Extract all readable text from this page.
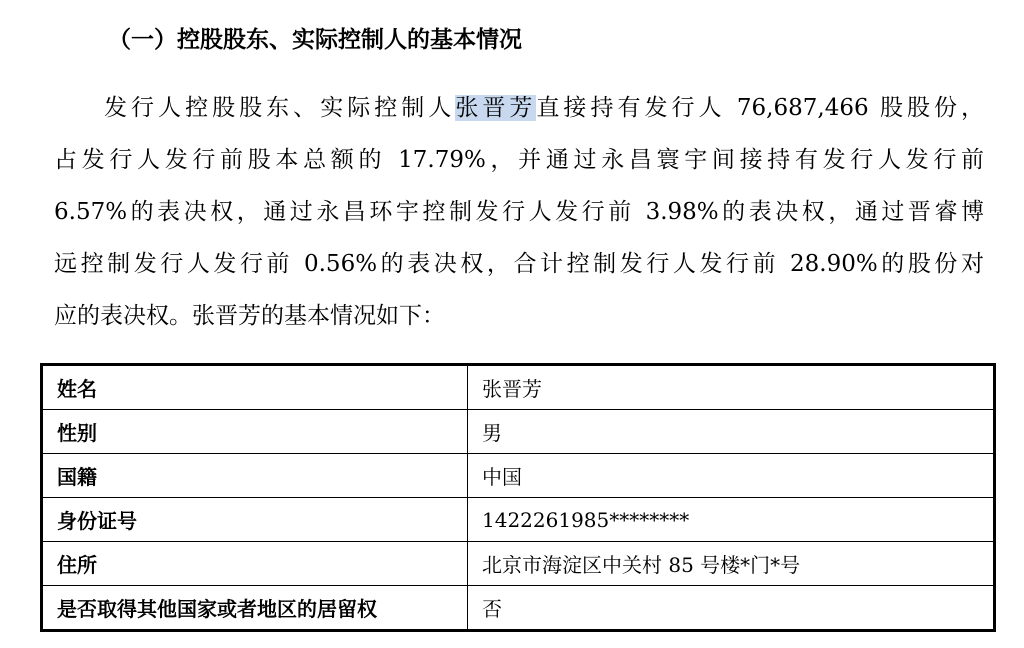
（一）控股股东、实际控制人的基本情况
发行人控股股东、实际控制人张晋芳直接持有发行人 76,687,466 股股份，
占发行人发行前股本总额的 17.79%，并通过永昌寰宇间接持有发行人发行前
6.57%的表决权，通过永昌环宇控制发行人发行前 3.98%的表决权，通过晋睿博
远控制发行人发行前 0.56%的表决权，合计控制发行人发行前 28.90%的股份对
应的表决权。张晋芳的基本情况如下：
姓名	张晋芳
性别	男
国籍	中国
身份证号	1422261985********
住所	北京市海淀区中关村 85 号楼*门*号
是否取得其他国家或者地区的居留权	否
